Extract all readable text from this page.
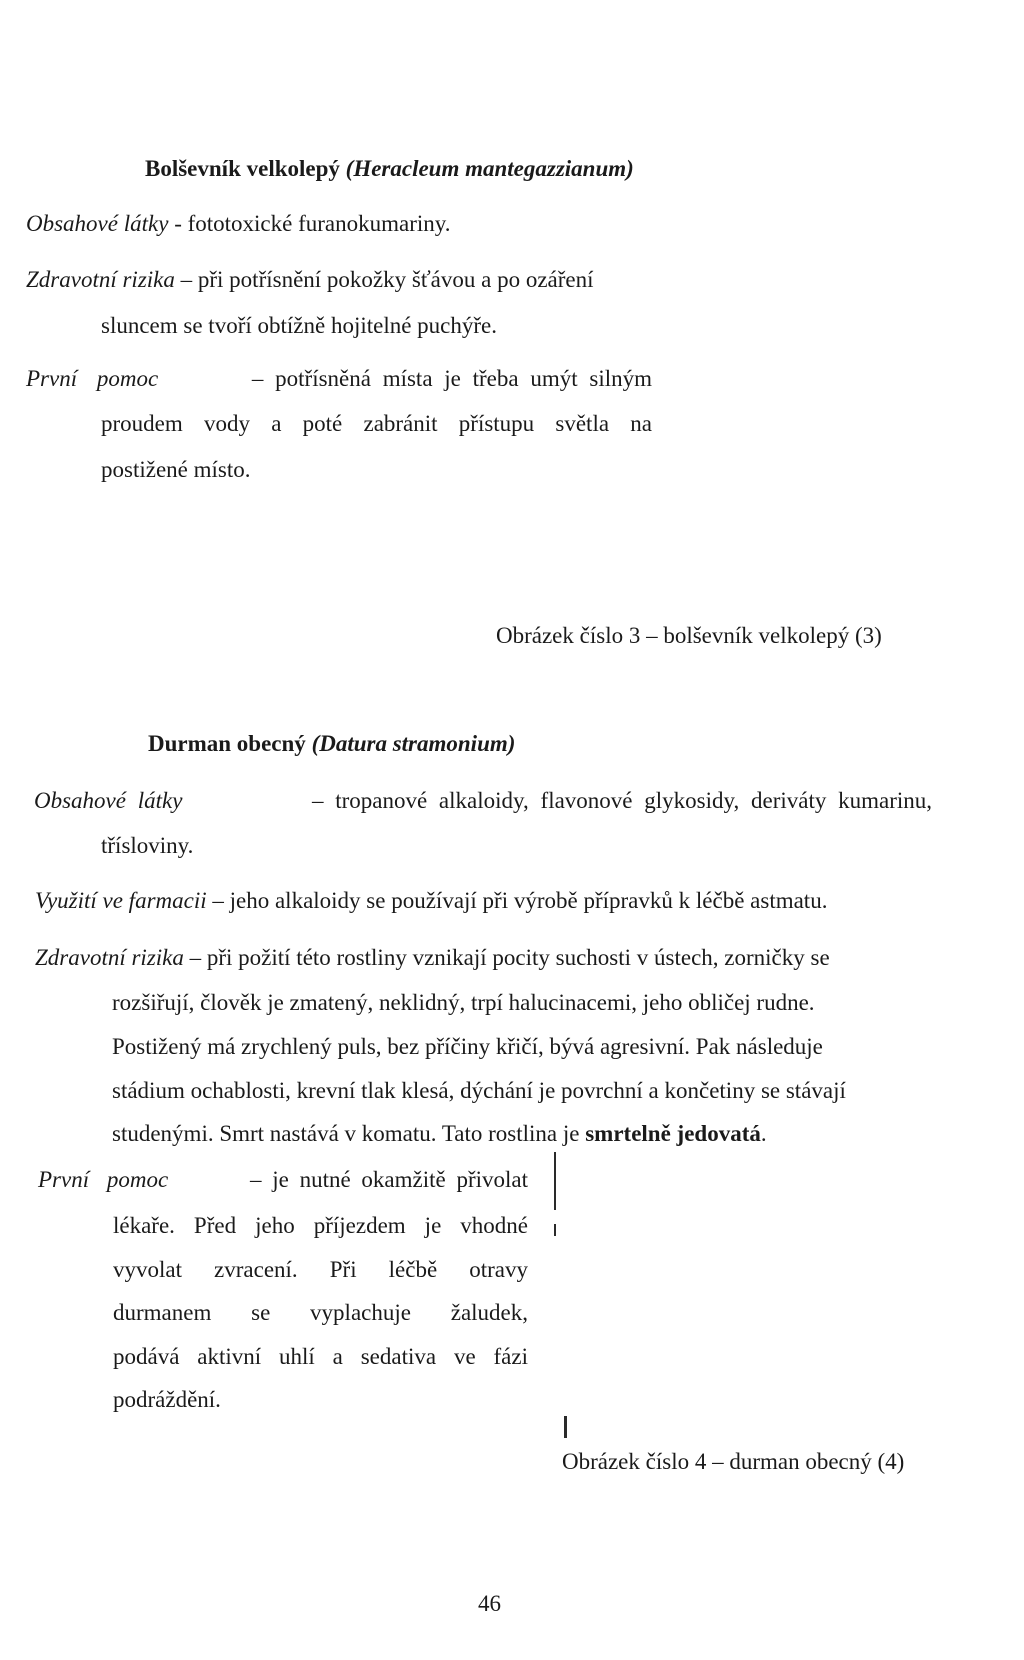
Bolševník velkolepý (Heracleum mantegazzianum)
Obsahové látky - fototoxické furanokumariny.
Zdravotní rizika – při potřísnění pokožky šťávou a po ozáření
sluncem se tvoří obtížně hojitelné puchýře.
První pomoc	– potřísněná místa je třeba umýt silným
proudem vody a poté zabránit přístupu světla na
postižené místo.
Obrázek číslo 3 – bolševník velkolepý (3)
Durman obecný (Datura stramonium)
Obsahové látky	– tropanové alkaloidy, flavonové glykosidy, deriváty kumarinu,
třísloviny.
Využití ve farmacii – jeho alkaloidy se používají při výrobě přípravků k léčbě astmatu.
Zdravotní rizika – při požití této rostliny vznikají pocity suchosti v ústech, zorničky se
rozšiřují, člověk je zmatený, neklidný, trpí halucinacemi, jeho obličej rudne.
Postižený má zrychlený puls, bez příčiny křičí, bývá agresivní. Pak následuje
stádium ochablosti, krevní tlak klesá, dýchání je povrchní a končetiny se stávají
studenými. Smrt nastává v komatu. Tato rostlina je smrtelně jedovatá.
První pomoc	– je nutné okamžitě přivolat
lékaře. Před jeho příjezdem je vhodné
vyvolat zvracení. Při léčbě otravy
durmanem se vyplachuje žaludek,
podává aktivní uhlí a sedativa ve fázi
podráždění.
Obrázek číslo 4 – durman obecný (4)
46
